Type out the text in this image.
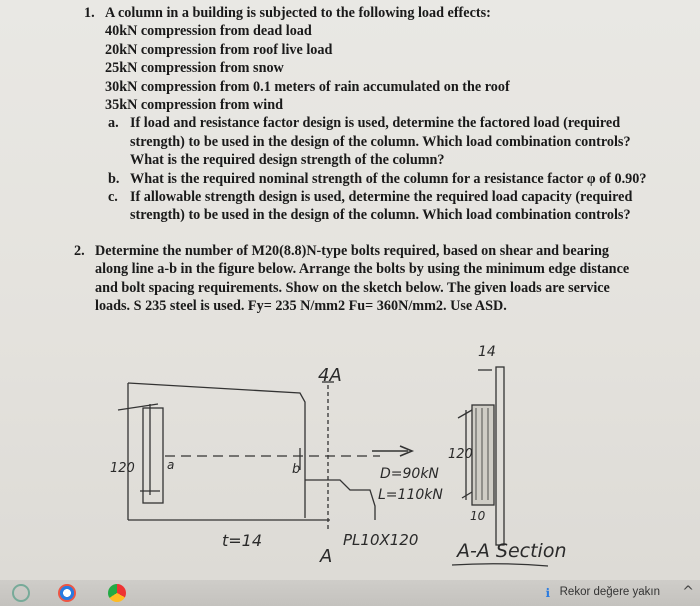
1. A column in a building is subjected to the following load effects:
40kN compression from dead load
20kN compression from roof live load
25kN compression from snow
30kN compression from 0.1 meters of rain accumulated on the roof
35kN compression from wind
a. If load and resistance factor design is used, determine the factored load (required
strength) to be used in the design of the column. Which load combination controls?
What is the required design strength of the column?
b. What is the required nominal strength of the column for a resistance factor φ of 0.90?
c. If allowable strength design is used, determine the required load capacity (required
strength) to be used in the design of the column. Which load combination controls?
2. Determine the number of M20(8.8)N-type bolts required, based on shear and bearing
along line a-b in the figure below. Arrange the bolts by using the minimum edge distance
and bolt spacing requirements. Show on the sketch below. The given loads are service
loads. S 235 steel is used. Fy= 235 N/mm2 Fu= 360N/mm2. Use ASD.
4A
A
14
120	a	b
120
D=90kN
L=110kN
t=14	PL10X120
10
A-A Section
ℹ Rekor değere yakın ^
